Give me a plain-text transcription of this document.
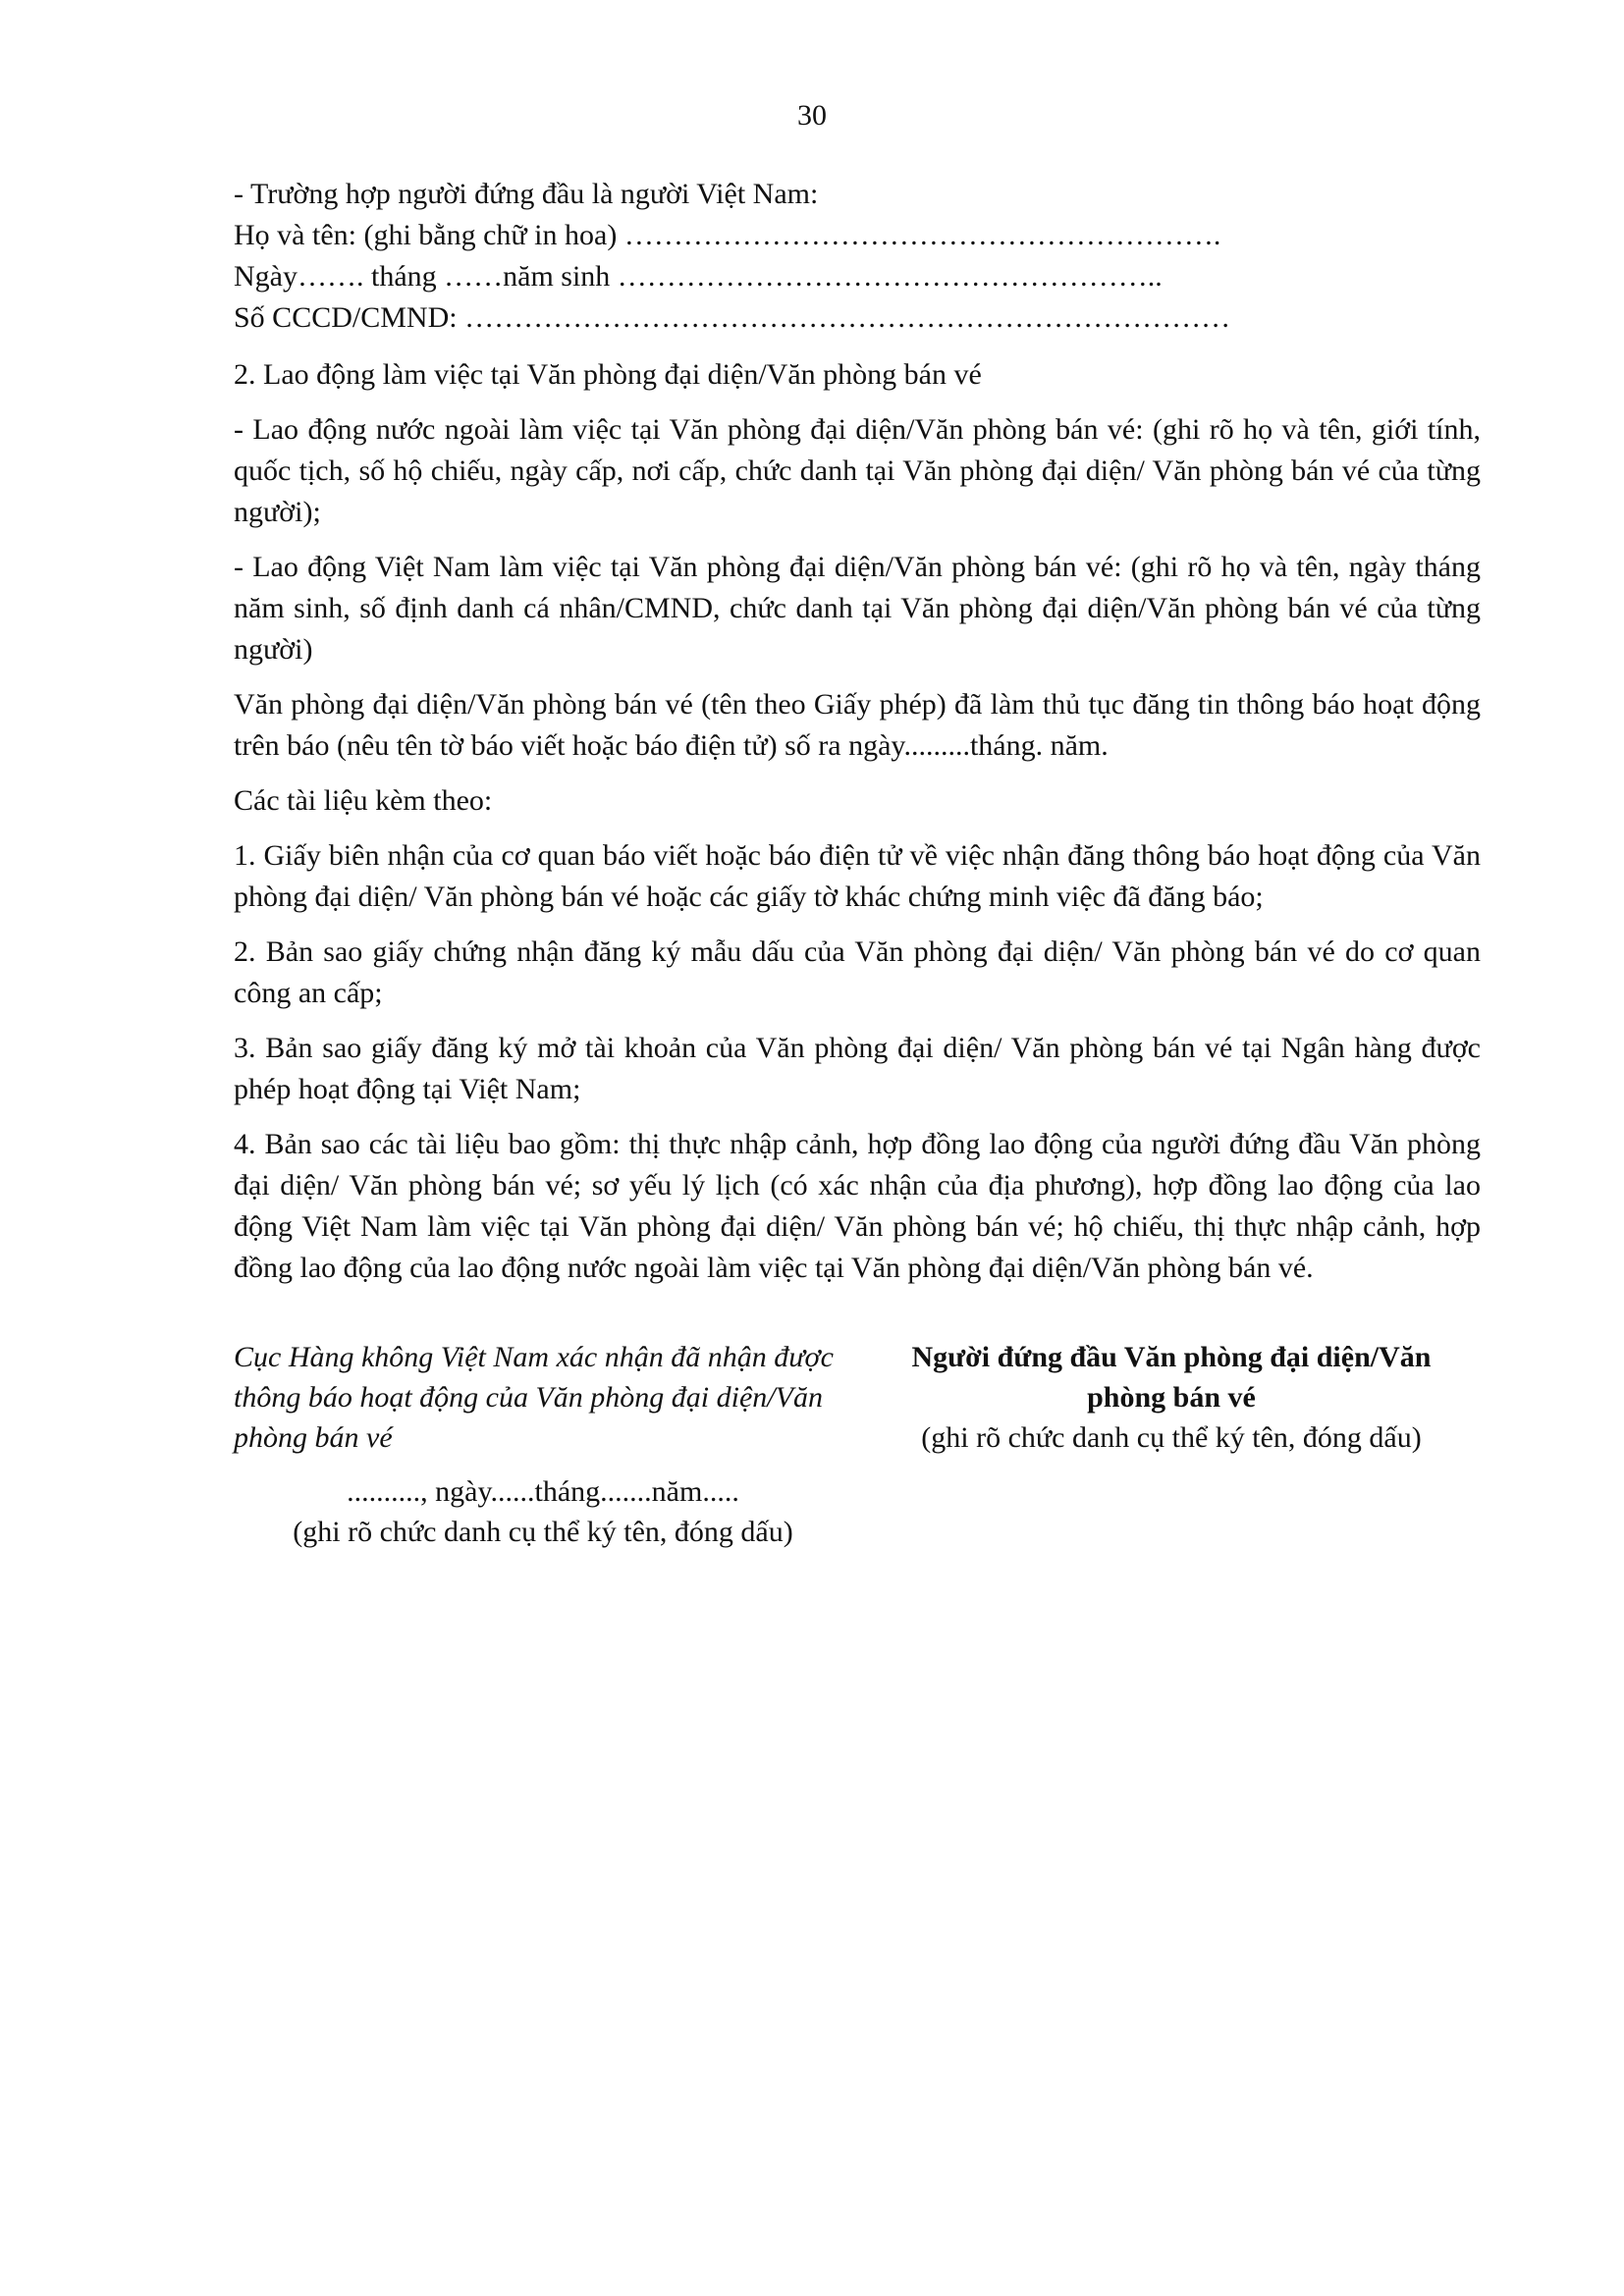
30
- Trường hợp người đứng đầu là người Việt Nam:
Họ và tên: (ghi bằng chữ in hoa) …………………………………………………….
Ngày……. tháng ……năm sinh ………………………………………………..
Số CCCD/CMND: ……………………………………………………………………

2. Lao động làm việc tại Văn phòng đại diện/Văn phòng bán vé

- Lao động nước ngoài làm việc tại Văn phòng đại diện/Văn phòng bán vé: (ghi rõ họ và tên, giới tính, quốc tịch, số hộ chiếu, ngày cấp, nơi cấp, chức danh tại Văn phòng đại diện/ Văn phòng bán vé của từng người);

- Lao động Việt Nam làm việc tại Văn phòng đại diện/Văn phòng bán vé: (ghi rõ họ và tên, ngày tháng năm sinh, số định danh cá nhân/CMND, chức danh tại Văn phòng đại diện/Văn phòng bán vé của từng người)

Văn phòng đại diện/Văn phòng bán vé (tên theo Giấy phép) đã làm thủ tục đăng tin thông báo hoạt động trên báo (nêu tên tờ báo viết hoặc báo điện tử) số ra ngày.........tháng. năm.

Các tài liệu kèm theo:

1. Giấy biên nhận của cơ quan báo viết hoặc báo điện tử về việc nhận đăng thông báo hoạt động của Văn phòng đại diện/ Văn phòng bán vé hoặc các giấy tờ khác chứng minh việc đã đăng báo;

2. Bản sao giấy chứng nhận đăng ký mẫu dấu của Văn phòng đại diện/ Văn phòng bán vé do cơ quan công an cấp;

3. Bản sao giấy đăng ký mở tài khoản của Văn phòng đại diện/ Văn phòng bán vé tại Ngân hàng được phép hoạt động tại Việt Nam;

4. Bản sao các tài liệu bao gồm: thị thực nhập cảnh, hợp đồng lao động của người đứng đầu Văn phòng đại diện/ Văn phòng bán vé; sơ yếu lý lịch (có xác nhận của địa phương), hợp đồng lao động của lao động Việt Nam làm việc tại Văn phòng đại diện/ Văn phòng bán vé; hộ chiếu, thị thực nhập cảnh, hợp đồng lao động của lao động nước ngoài làm việc tại Văn phòng đại diện/Văn phòng bán vé.

Cục Hàng không Việt Nam xác nhận đã nhận được thông báo hoạt động của Văn phòng đại diện/Văn phòng bán vé

.........., ngày......tháng.......năm.....
(ghi rõ chức danh cụ thể ký tên, đóng dấu)
Người đứng đầu Văn phòng đại diện/Văn
phòng bán vé
(ghi rõ chức danh cụ thể ký tên, đóng dấu)
